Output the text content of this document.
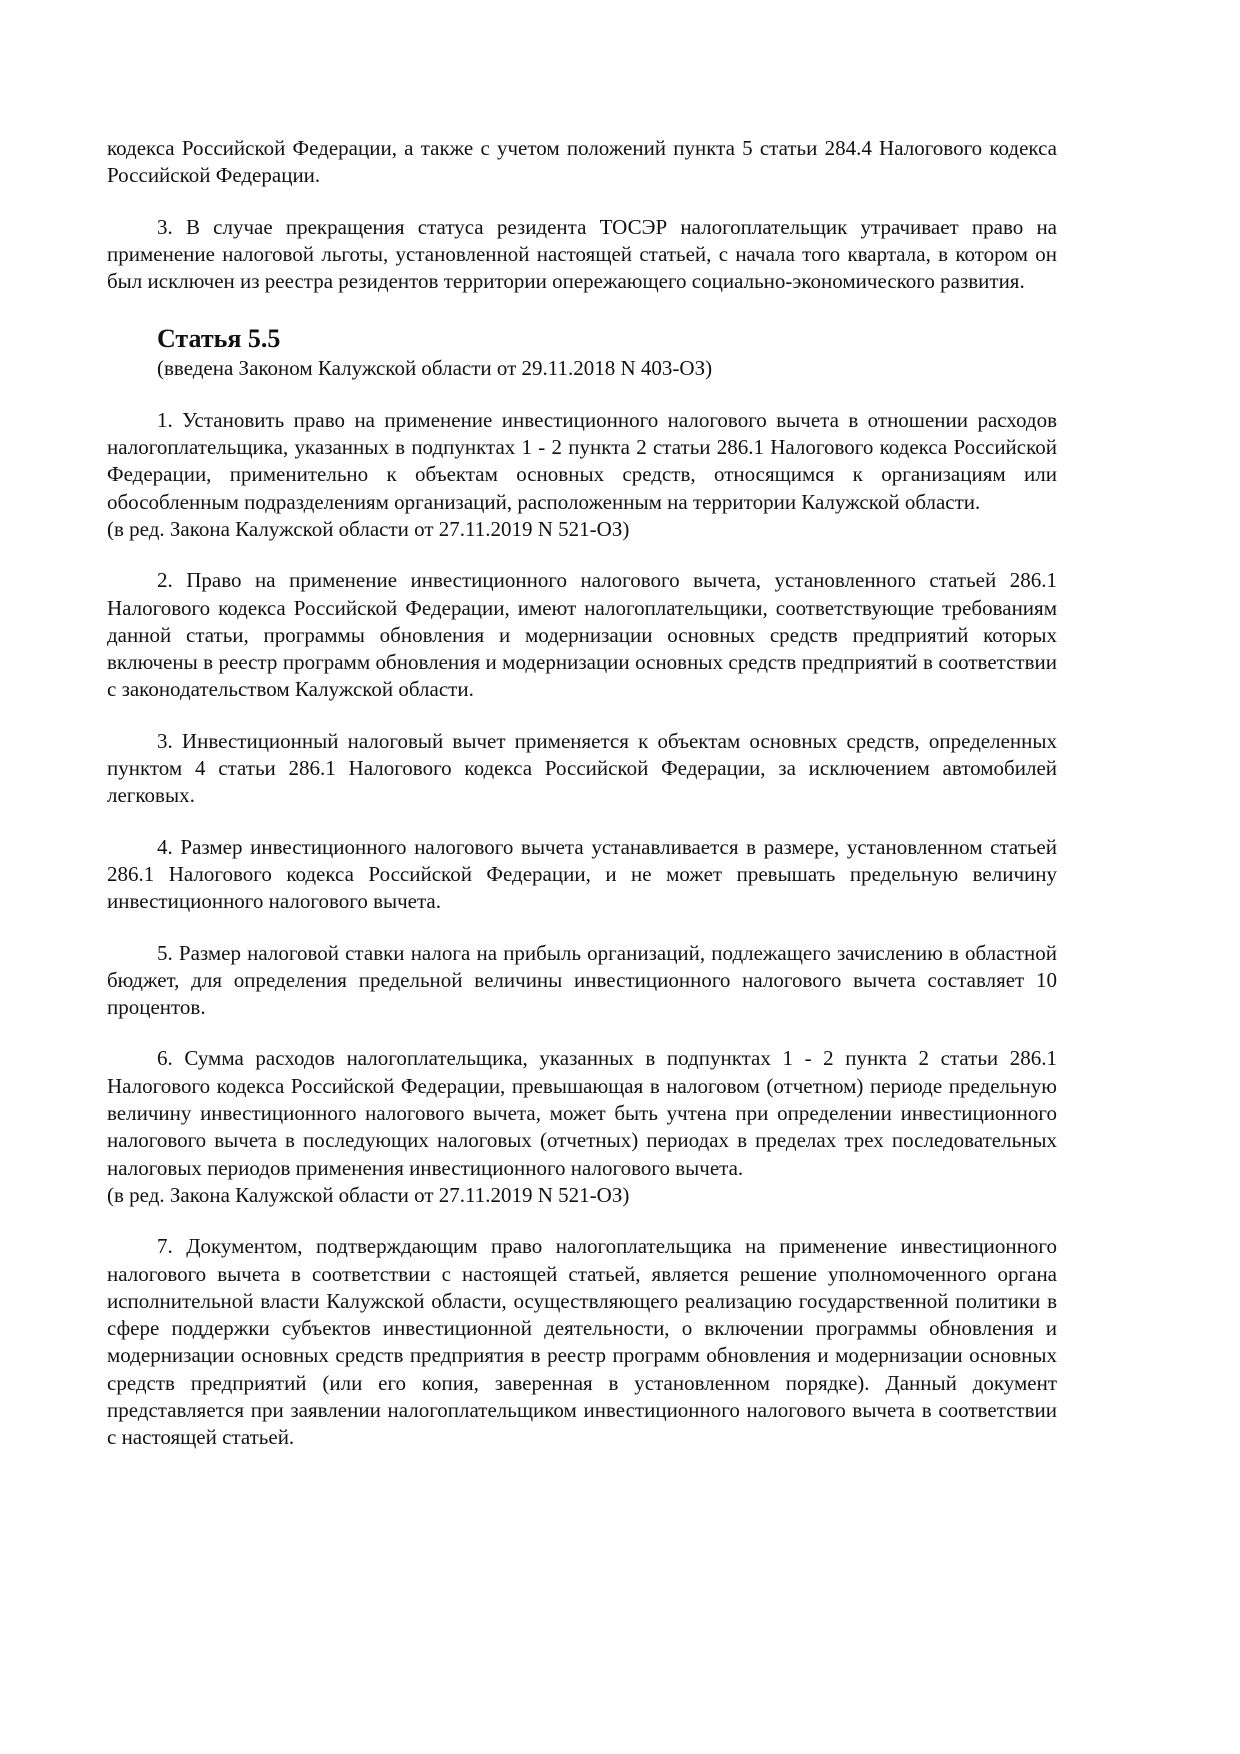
кодекса Российской Федерации, а также с учетом положений пункта 5 статьи 284.4 Налогового кодекса Российской Федерации.

3. В случае прекращения статуса резидента ТОСЭР налогоплательщик утрачивает право на применение налоговой льготы, установленной настоящей статьей, с начала того квартала, в котором он был исключен из реестра резидентов территории опережающего социально-экономического развития.

Статья 5.5
(введена Законом Калужской области от 29.11.2018 N 403-ОЗ)

1. Установить право на применение инвестиционного налогового вычета в отношении расходов налогоплательщика, указанных в подпунктах 1 - 2 пункта 2 статьи 286.1 Налогового кодекса Российской Федерации, применительно к объектам основных средств, относящимся к организациям или обособленным подразделениям организаций, расположенным на территории Калужской области.

(в ред. Закона Калужской области от 27.11.2019 N 521-ОЗ)

2. Право на применение инвестиционного налогового вычета, установленного статьей 286.1 Налогового кодекса Российской Федерации, имеют налогоплательщики, соответствующие требованиям данной статьи, программы обновления и модернизации основных средств предприятий которых включены в реестр программ обновления и модернизации основных средств предприятий в соответствии с законодательством Калужской области.

3. Инвестиционный налоговый вычет применяется к объектам основных средств, определенных пунктом 4 статьи 286.1 Налогового кодекса Российской Федерации, за исключением автомобилей легковых.

4. Размер инвестиционного налогового вычета устанавливается в размере, установленном статьей 286.1 Налогового кодекса Российской Федерации, и не может превышать предельную величину инвестиционного налогового вычета.

5. Размер налоговой ставки налога на прибыль организаций, подлежащего зачислению в областной бюджет, для определения предельной величины инвестиционного налогового вычета составляет 10 процентов.

6. Сумма расходов налогоплательщика, указанных в подпунктах 1 - 2 пункта 2 статьи 286.1 Налогового кодекса Российской Федерации, превышающая в налоговом (отчетном) периоде предельную величину инвестиционного налогового вычета, может быть учтена при определении инвестиционного налогового вычета в последующих налоговых (отчетных) периодах в пределах трех последовательных налоговых периодов применения инвестиционного налогового вычета.

(в ред. Закона Калужской области от 27.11.2019 N 521-ОЗ)

7. Документом, подтверждающим право налогоплательщика на применение инвестиционного налогового вычета в соответствии с настоящей статьей, является решение уполномоченного органа исполнительной власти Калужской области, осуществляющего реализацию государственной политики в сфере поддержки субъектов инвестиционной деятельности, о включении программы обновления и модернизации основных средств предприятия в реестр программ обновления и модернизации основных средств предприятий (или его копия, заверенная в установленном порядке). Данный документ представляется при заявлении налогоплательщиком инвестиционного налогового вычета в соответствии с настоящей статьей.
